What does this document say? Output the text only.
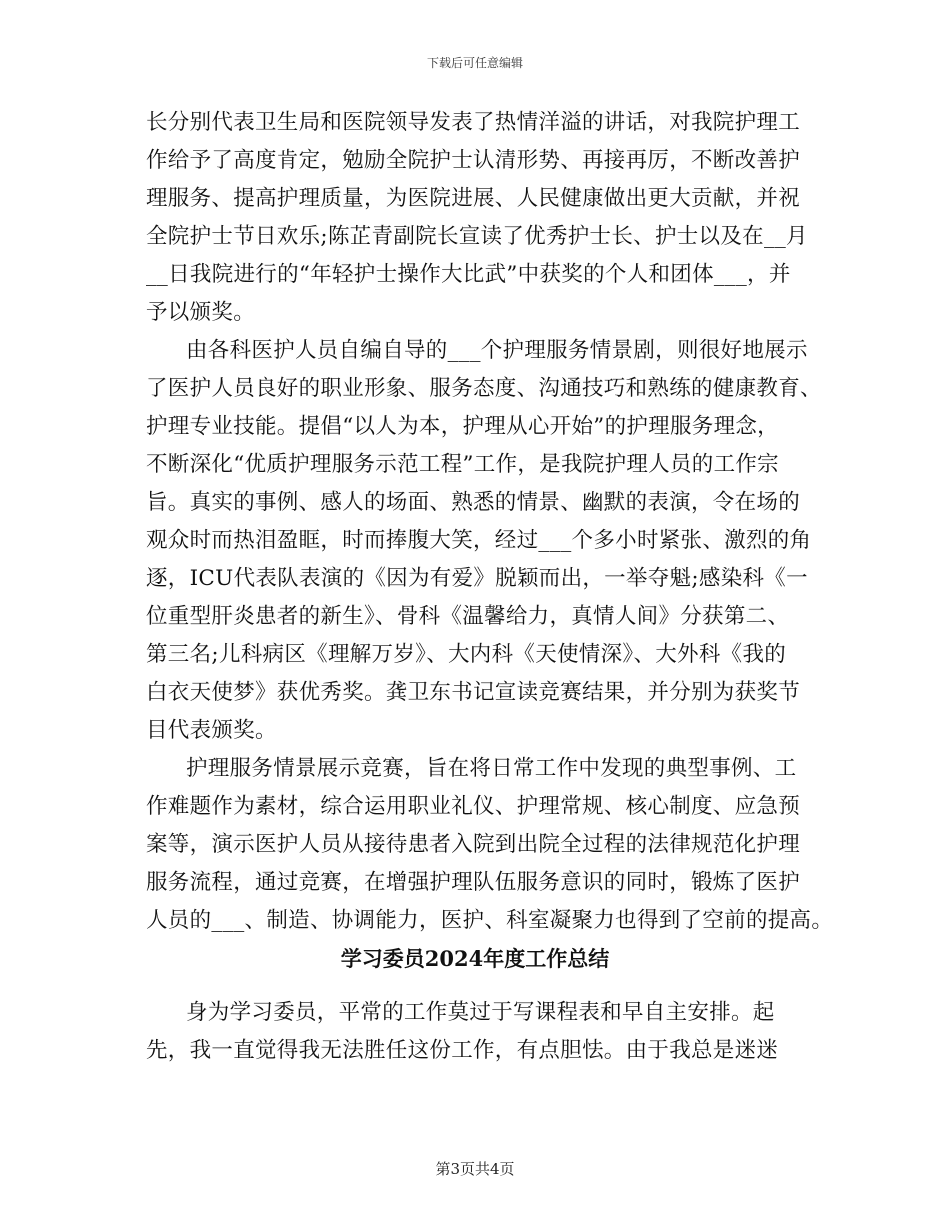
下载后可任意编辑
长分别代表卫生局和医院领导发表了热情洋溢的讲话，对我院护理工
作给予了高度肯定，勉励全院护士认清形势、再接再厉，不断改善护
理服务、提高护理质量，为医院进展、人民健康做出更大贡献，并祝
全院护士节日欢乐;陈芷青副院长宣读了优秀护士长、护士以及在__月
__日我院进行的“年轻护士操作大比武”中获奖的个人和团体___，并
予以颁奖。
由各科医护人员自编自导的___个护理服务情景剧，则很好地展示
了医护人员良好的职业形象、服务态度、沟通技巧和熟练的健康教育、
护理专业技能。提倡“以人为本，护理从心开始”的护理服务理念，
不断深化“优质护理服务示范工程”工作，是我院护理人员的工作宗
旨。真实的事例、感人的场面、熟悉的情景、幽默的表演，令在场的
观众时而热泪盈眶，时而捧腹大笑，经过___个多小时紧张、激烈的角
逐，ICU代表队表演的《因为有爱》脱颖而出，一举夺魁;感染科《一
位重型肝炎患者的新生》、骨科《温馨给力，真情人间》分获第二、
第三名;儿科病区《理解万岁》、大内科《天使情深》、大外科《我的
白衣天使梦》获优秀奖。龚卫东书记宣读竞赛结果，并分别为获奖节
目代表颁奖。
护理服务情景展示竞赛，旨在将日常工作中发现的典型事例、工
作难题作为素材，综合运用职业礼仪、护理常规、核心制度、应急预
案等，演示医护人员从接待患者入院到出院全过程的法律规范化护理
服务流程，通过竞赛，在增强护理队伍服务意识的同时，锻炼了医护
人员的___、制造、协调能力，医护、科室凝聚力也得到了空前的提高。
学习委员2024年度工作总结
身为学习委员，平常的工作莫过于写课程表和早自主安排。起
先，我一直觉得我无法胜任这份工作，有点胆怯。由于我总是迷迷
第3页共4页
